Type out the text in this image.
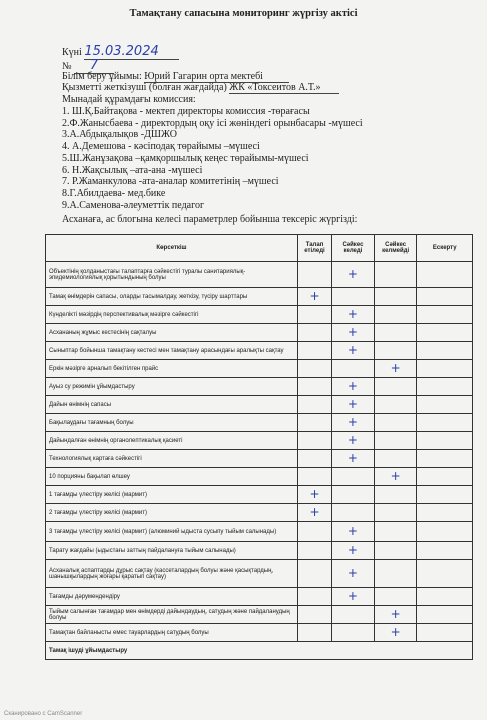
Тамақтану сапасына мониторинг жүргізу актісі
Күні 15.03.2024
№ 7
Білім беру ұйымы: Юрий Гагарин орта мектебі
Қызметті жеткізуші (болған жағдайда) ЖК «Токсеитов А.Т.»
Мынадай құрамдағы комиссия:
1. Ш.Қ.Байтақова - мектеп директоры комиссия -төрағасы
2.Ф.Жанысбаева - директордың оқу ісі жөніндегі орынбасары -мүшесі
3.А.Абдықалықов -ДШЖО
4. А.Демешова - кәсіподақ төрайымы –мүшесі
5.Ш.Жанұзақова –қамқоршылық кеңес төрайымы-мүшесі
6. Н.Жақсылық –ата-ана -мүшесі
7. Р.Жаманкулова -ата-аналар комитетінің –мүшесі
8.Г.Абилдаева- мед.бике
9.А.Саменова-әлеуметтік педагог
Асханаға, ас блогына келесі параметрлер бойынша тексеріс жүргізді:
Көрсеткіш	Талап етіледі	Сәйкес келеді	Сәйкес келмейді	Ескерту
Объектінің қолданыстағы талаптарға сәйкестігі туралы санитариялық-эпидемиологиялық қорытындының болуы		+		
Тамақ өнімдерін сапасы, оларды тасымалдау, жеткізу, түсіру шарттары	+			
Күнделікті мәзірдің перспективалық мәзірге сәйкестігі		+		
Асхананың жұмыс кестесінің сақталуы		+		
Сыныптар бойынша тамақтану кестесі мен тамақтану арасындағы аралықты сақтау		+		
Еркін мәзірге арналып бекітілген прайс			+	
Ауыз су режимін ұйымдастыру		+		
Дайын өнімнің сапасы		+		
Бақылаудағы тағамның болуы		+		
Дайындалған өнімнің органолептикалық қасиеті		+		
Технологиялық картаға сәйкестігі		+		
10 порцияны бақылап өлшеу			+	
1 тағамды үлестіру желісі (мармит)	+			
2 тағамды үлестіру желісі (мармит)	+			
3 тағамды үлестіру желісі (мармит) (алюминий ыдыста сусыпу тыйым салынады)		+		
Тарату жағдайы (ыдыстағы заттың пайдалануға тыйым салынады)		+		
Асханалық аспаптарды дұрыс сақтау (кассеталардың болуы және қасықтардың, шанышқылардың жоғары қаратып сақтау)		+		
Тағамды дәрумендендіру		+		
Тыйым салынған тағамдар мен өнімдерді дайындаудың, сатудың және пайдаланудың болуы			+	
Тамақтан байланысты емес тауарлардың сатудың болуы			+	
Тамақ ішуді ұйымдастыру				
Сканировано с CamScanner
